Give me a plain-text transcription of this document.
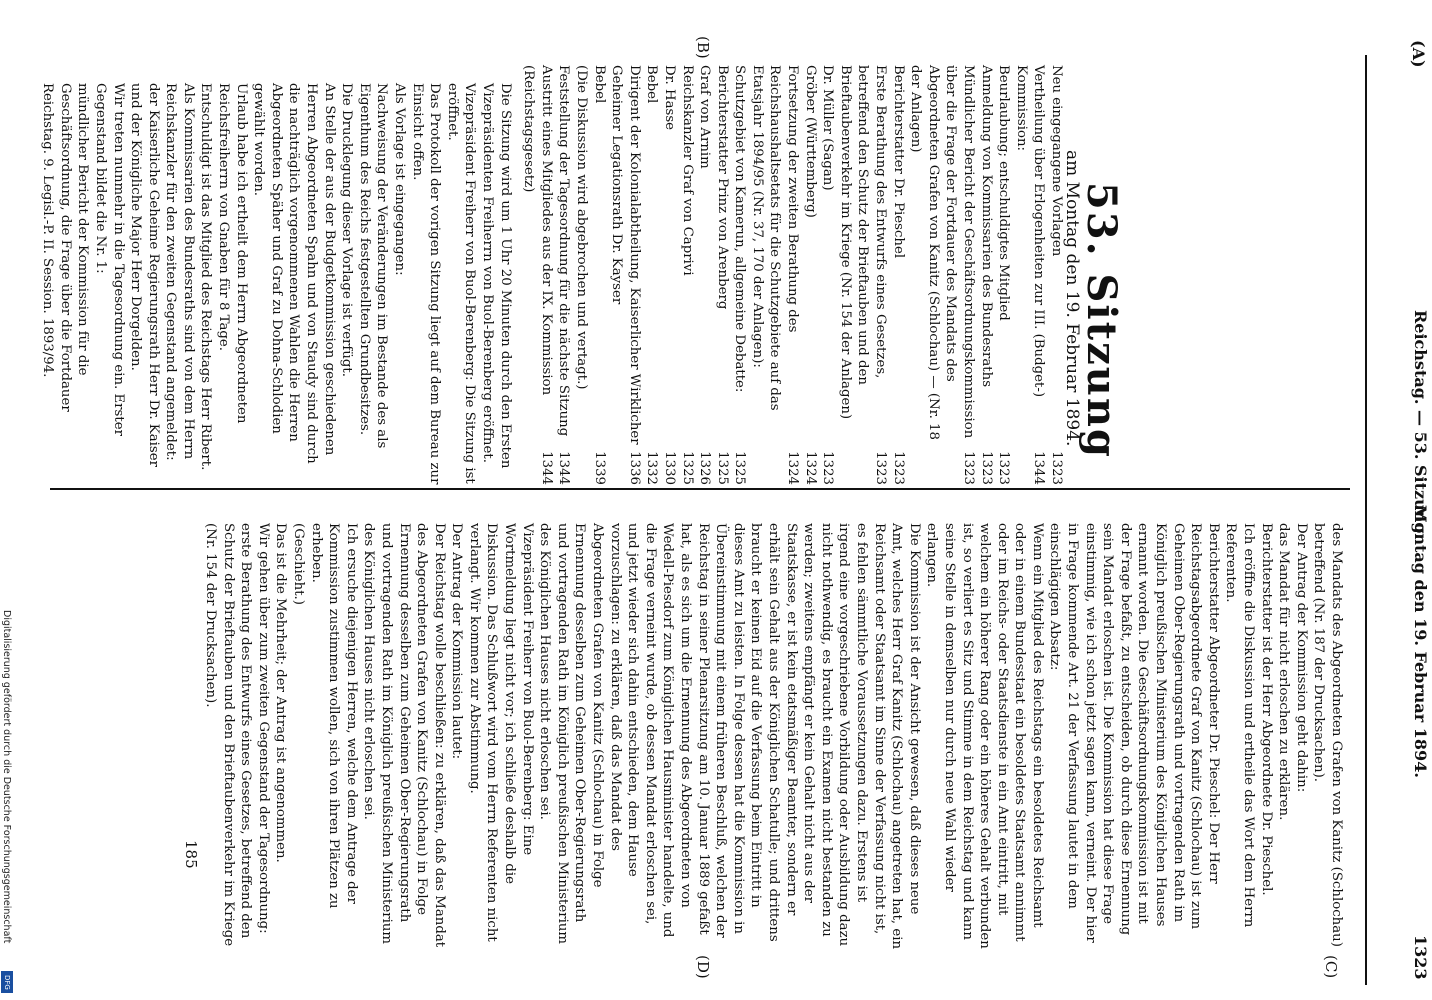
Digitalisierung gefördert durch die Deutsche Forschungsgemeinschaft
DFG
(A)
Reichstag. — 53. Sitzung.
Montag den 19. Februar 1894.
1323
53. Sitzung
am Montag den 19. Februar 1894.
(B)
(C)
(D)
185
Neu eingegangene Vorlagen
1323
Vertheilung über Erlogenheiten zur III. (Budget-) Kommission:
1344
Beurlaubung; entschuldigtes Mitglied
1323
Anmeldung von Kommissarien des Bundesraths
1323
Mündlicher Bericht der Geschäftsordnungskommission über die Frage der Fortdauer des Mandats des Abgeordneten Grafen von Kanitz (Schlochau) — (Nr. 18 der Anlagen)
1323
Berichterstatter Dr. Pieschel
1323
Erste Berathung des Entwurfs eines Gesetzes, betreffend den Schutz der Brieftauben und den Brieftaubenverkehr im Kriege (Nr. 154 der Anlagen)
1323
Dr. Müller (Sagan)
1323
Gröber (Württemberg)
1324
Fortsetzung der zweiten Berathung des Reichshaushaltsetats für die Schutzgebiete auf das Etatsjahr 1894/95 (Nr. 37, 170 der Anlagen):
1324
Schutzgebiet von Kamerun, allgemeine Debatte:
1325
Berichterstatter Prinz von Arenberg
1325
Graf von Arnim
1326
Reichskanzler Graf von Caprivi
1325
Dr. Hasse
1330
Bebel
1332
Dirigent der Kolonialabtheilung, Kaiserlicher Wirklicher Geheimer Legationsrath Dr. Kayser
1336
Bebel
1339
(Die Diskussion wird abgebrochen und vertagt.)
Feststellung der Tagesordnung für die nächste Sitzung
1344
Austritt eines Mitgliedes aus der IX. Kommission (Reichstagsgesetz)
1344

Die Sitzung wird um 1 Uhr 20 Minuten durch den Ersten Vizepräsidenten Freiherrn von Buol-Berenberg eröffnet.

Vizepräsident Freiherr von Buol-Berenberg: Die Sitzung ist eröffnet.

Das Protokoll der vorigen Sitzung liegt auf dem Bureau zur Einsicht offen.

Als Vorlage ist eingegangen:

Nachweisung der Veränderungen im Bestande des als Eigenthum des Reichs festgestellten Grundbesitzes.

Die Drucklegung dieser Vorlage ist verfügt.

An Stelle der aus der Budgetkommission geschiedenen Herren Abgeordneten Spahn und von Staudy sind durch die nachträglich vorgenommenen Wahlen die Herren Abgeordneten Späher und Graf zu Dohna-Schlodien gewählt worden.

Urlaub habe ich ertheilt dem Herrn Abgeordneten Reichsfreiherrn von Gnaben für 8 Tage.

Entschuldigt ist das Mitglied des Reichstags Herr Ribert.

Als Kommissarien des Bundesraths sind von dem Herrn Reichskanzler für den zweiten Gegenstand angemeldet:

der Kaiserliche Geheime Regierungsrath Herr Dr. Kaiser und der Königliche Major Herr Dorgelden.

Wir treten nunmehr in die Tagesordnung ein. Erster Gegenstand bildet die Nr. 1:

mündlicher Bericht der Kommission für die Geschäftsordnung, die Frage über die Fortdauer

Reichstag. 9. Legisl.-P. II. Session. 1893/94.

des Mandats des Abgeordneten Grafen von Kanitz (Schlochau) betreffend (Nr. 187 der Drucksachen).

Der Antrag der Kommission geht dahin:

das Mandat für nicht erloschen zu erklären.

Berichterstatter ist der Herr Abgeordnete Dr. Pieschel.

Ich eröffne die Diskussion und ertheile das Wort dem Herrn Referenten.

Berichterstatter Abgeordneter Dr. Pieschel: Der Herr Reichstagsabgeordnete Graf von Kanitz (Schlochau) ist zum Geheimen Ober-Regierungsrath und vortragenden Rath im Königlich preußischen Ministerium des Königlichen Hauses ernannt worden. Die Geschäftsordnungskommission ist mit der Frage befaßt, zu entscheiden, ob durch diese Ernennung sein Mandat erloschen ist. Die Kommission hat diese Frage einstimmig, wie ich schon jetzt sagen kann, verneint. Der hier in Frage kommende Art. 21 der Verfassung lautet in dem einschlägigen Absatz:

Wenn ein Mitglied des Reichstags ein besoldetes Reichsamt oder in einem Bundesstaat ein besoldetes Staatsamt annimmt oder im Reichs- oder Staatsdienste in ein Amt eintritt, mit welchem ein höherer Rang oder ein höheres Gehalt verbunden ist, so verliert es Sitz und Stimme in dem Reichstag und kann seine Stelle in demselben nur durch neue Wahl wieder erlangen.

Die Kommission ist der Ansicht gewesen, daß dieses neue Amt, welches Herr Graf Kanitz (Schlochau) angetreten hat, ein Reichsamt oder Staatsamt im Sinne der Verfassung nicht ist, es fehlen sämmtliche Voraussetzungen dazu. Erstens ist irgend eine vorgeschriebene Vorbildung oder Ausbildung dazu nicht nothwendig, es braucht ein Examen nicht bestanden zu werden; zweitens empfängt er kein Gehalt nicht aus der Staatskasse, er ist kein etatsmäßiger Beamter, sondern er erhält sein Gehalt aus der Königlichen Schatulle; und drittens braucht er keinen Eid auf die Verfassung beim Eintritt in dieses Amt zu leisten. In Folge dessen hat die Kommission in Übereinstimmung mit einem früheren Beschluß, welchen der Reichstag in seiner Plenarsitzung am 10. Januar 1889 gefaßt hat, als es sich um die Ernennung des Abgeordneten von Wedell-Piesdorf zum Königlichen Hausminister handelte, und die Frage verneint wurde, ob dessen Mandat erloschen sei, und jetzt wieder sich dahin entschieden, dem Hause vorzuschlagen: zu erklären, daß das Mandat des Abgeordneten Grafen von Kanitz (Schlochau) in Folge Ernennung desselben zum Geheimen Ober-Regierungsrath und vortragenden Rath im Königlich preußischen Ministerium des Königlichen Hauses nicht erloschen sei.

Vizepräsident Freiherr von Buol-Berenberg: Eine Wortmeldung liegt nicht vor; ich schließe deshalb die Diskussion. Das Schlußwort wird vom Herrn Referenten nicht verlangt. Wir kommen zur Abstimmung.

Der Antrag der Kommission lautet:

Der Reichstag wolle beschließen: zu erklären, daß das Mandat des Abgeordneten Grafen von Kanitz (Schlochau) in Folge Ernennung desselben zum Geheimen Ober-Regierungsrath und vortragenden Rath im Königlich preußischen Ministerium des Königlichen Hauses nicht erloschen sei.

Ich ersuche diejenigen Herren, welche dem Antrage der Kommission zustimmen wollen, sich von ihren Plätzen zu erheben.

(Geschieht.)

Das ist die Mehrheit; der Antrag ist angenommen.

Wir gehen über zum zweiten Gegenstand der Tagesordnung:

erste Berathung des Entwurfs eines Gesetzes, betreffend den Schutz der Brieftauben und den Brieftaubenverkehr im Kriege (Nr. 154 der Drucksachen).
